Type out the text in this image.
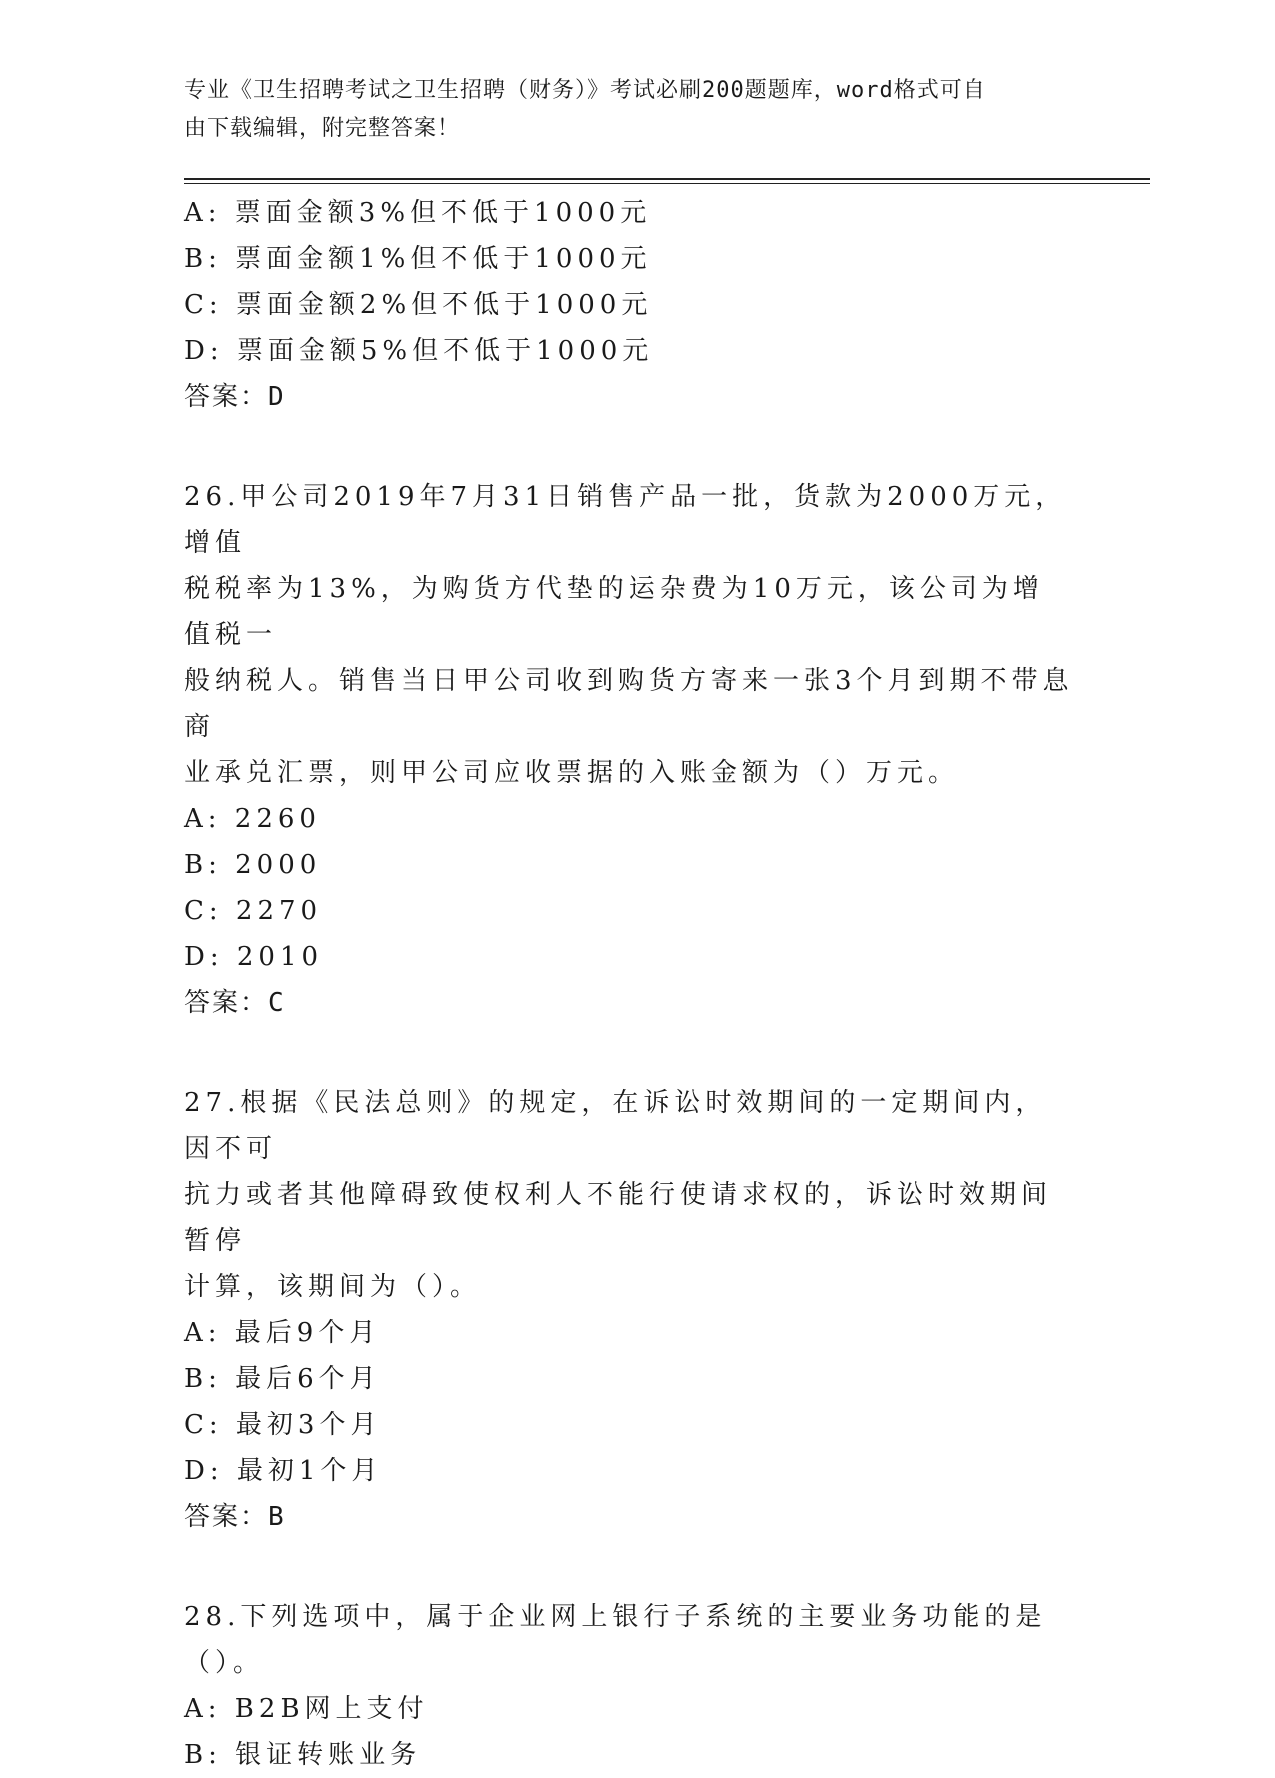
专业《卫生招聘考试之卫生招聘（财务）》考试必刷200题题库，word格式可自
由下载编辑，附完整答案！
A: 票面金额3%但不低于1000元
B: 票面金额1%但不低于1000元
C: 票面金额2%但不低于1000元
D: 票面金额5%但不低于1000元
答案：D
26.甲公司2019年7月31日销售产品一批，货款为2000万元，增值
税税率为13%，为购货方代垫的运杂费为10万元，该公司为增值税一
般纳税人。销售当日甲公司收到购货方寄来一张3个月到期不带息商
业承兑汇票，则甲公司应收票据的入账金额为（）万元。
A: 2260
B: 2000
C: 2270
D: 2010
答案：C
27.根据《民法总则》的规定，在诉讼时效期间的一定期间内，因不可
抗力或者其他障碍致使权利人不能行使请求权的，诉讼时效期间暂停
计算，该期间为（）。
A: 最后9个月
B: 最后6个月
C: 最初3个月
D: 最初1个月
答案：B
28.下列选项中，属于企业网上银行子系统的主要业务功能的是（）。
A: B2B网上支付
B: 银证转账业务
